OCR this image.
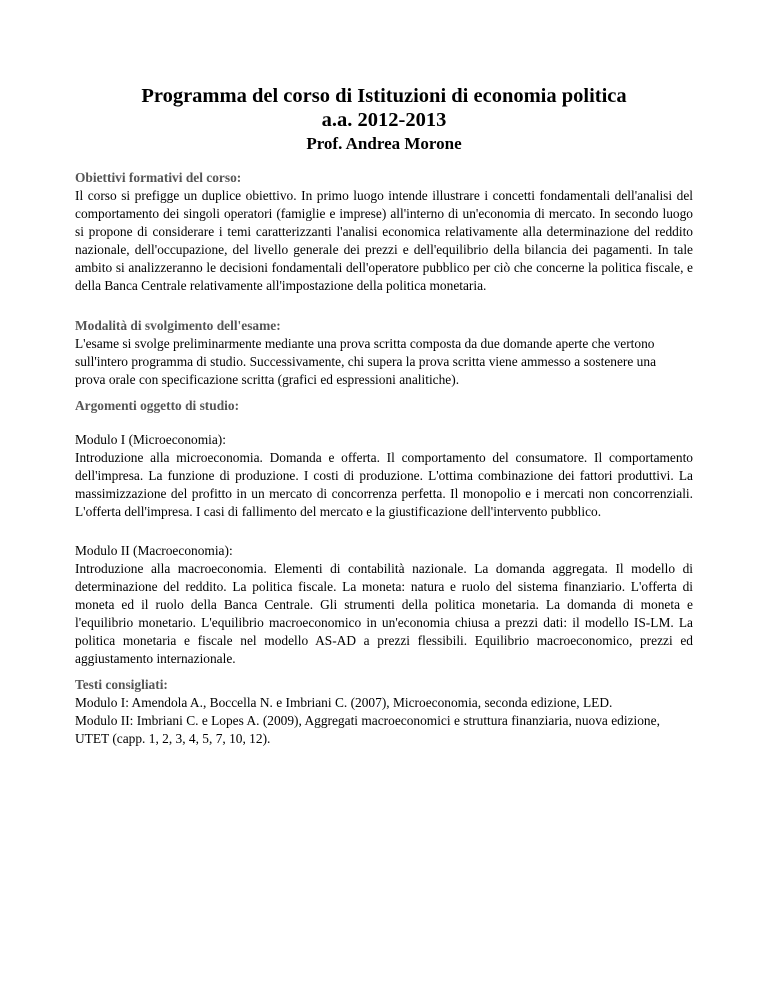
Programma del corso di Istituzioni di economia politica
a.a. 2012-2013
Prof. Andrea Morone
Obiettivi formativi del corso:
Il corso si prefigge un duplice obiettivo. In primo luogo intende illustrare i concetti fondamentali dell'analisi del comportamento dei singoli operatori (famiglie e imprese) all'interno di un'economia di mercato. In secondo luogo si propone di considerare i temi caratterizzanti l'analisi economica relativamente alla determinazione del reddito nazionale, dell'occupazione, del livello generale dei prezzi e dell'equilibrio della bilancia dei pagamenti. In tale ambito si analizzeranno le decisioni fondamentali dell'operatore pubblico per ciò che concerne la politica fiscale, e della Banca Centrale relativamente all'impostazione della politica monetaria.
Modalità di svolgimento dell'esame:
L'esame si svolge preliminarmente mediante una prova scritta composta da due domande aperte che vertono
sull'intero programma di studio. Successivamente, chi supera la prova scritta viene ammesso a sostenere una
prova orale con specificazione scritta (grafici ed espressioni analitiche).
Argomenti oggetto di studio:
Modulo I (Microeconomia):
Introduzione alla microeconomia. Domanda e offerta. Il comportamento del consumatore. Il comportamento dell'impresa. La funzione di produzione. I costi di produzione. L'ottima combinazione dei fattori produttivi. La massimizzazione del profitto in un mercato di concorrenza perfetta. Il monopolio e i mercati non concorrenziali. L'offerta dell'impresa. I casi di fallimento del mercato e la giustificazione dell'intervento pubblico.
Modulo II (Macroeconomia):
Introduzione alla macroeconomia. Elementi di contabilità nazionale. La domanda aggregata. Il modello di determinazione del reddito. La politica fiscale. La moneta: natura e ruolo del sistema finanziario. L'offerta di moneta ed il ruolo della Banca Centrale. Gli strumenti della politica monetaria. La domanda di moneta e l'equilibrio monetario. L'equilibrio macroeconomico in un'economia chiusa a prezzi dati: il modello IS-LM. La politica monetaria e fiscale nel modello AS-AD a prezzi flessibili. Equilibrio macroeconomico, prezzi ed aggiustamento internazionale.
Testi consigliati:
Modulo I: Amendola A., Boccella N. e Imbriani C. (2007), Microeconomia, seconda edizione, LED.
Modulo II: Imbriani C. e Lopes A. (2009), Aggregati macroeconomici e struttura finanziaria, nuova edizione, UTET (capp. 1, 2, 3, 4, 5, 7, 10, 12).
